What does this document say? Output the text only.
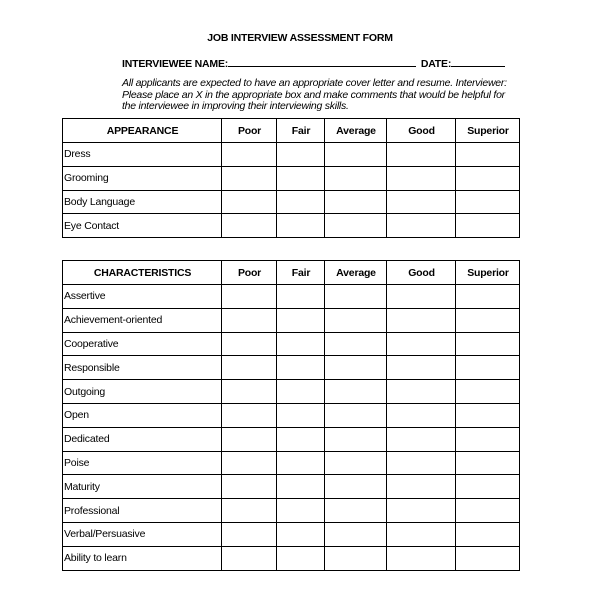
JOB INTERVIEW ASSESSMENT FORM
INTERVIEWEE NAME:	DATE:
All applicants are expected to have an appropriate cover letter and resume. Interviewer: Please place an X in the appropriate box and make comments that would be helpful for the interviewee in improving their interviewing skills.
APPEARANCE	Poor	Fair	Average	Good	Superior
Dress					
Grooming					
Body Language					
Eye Contact					
CHARACTERISTICS	Poor	Fair	Average	Good	Superior
Assertive					
Achievement-oriented					
Cooperative					
Responsible					
Outgoing					
Open					
Dedicated					
Poise					
Maturity					
Professional					
Verbal/Persuasive					
Ability to learn					
